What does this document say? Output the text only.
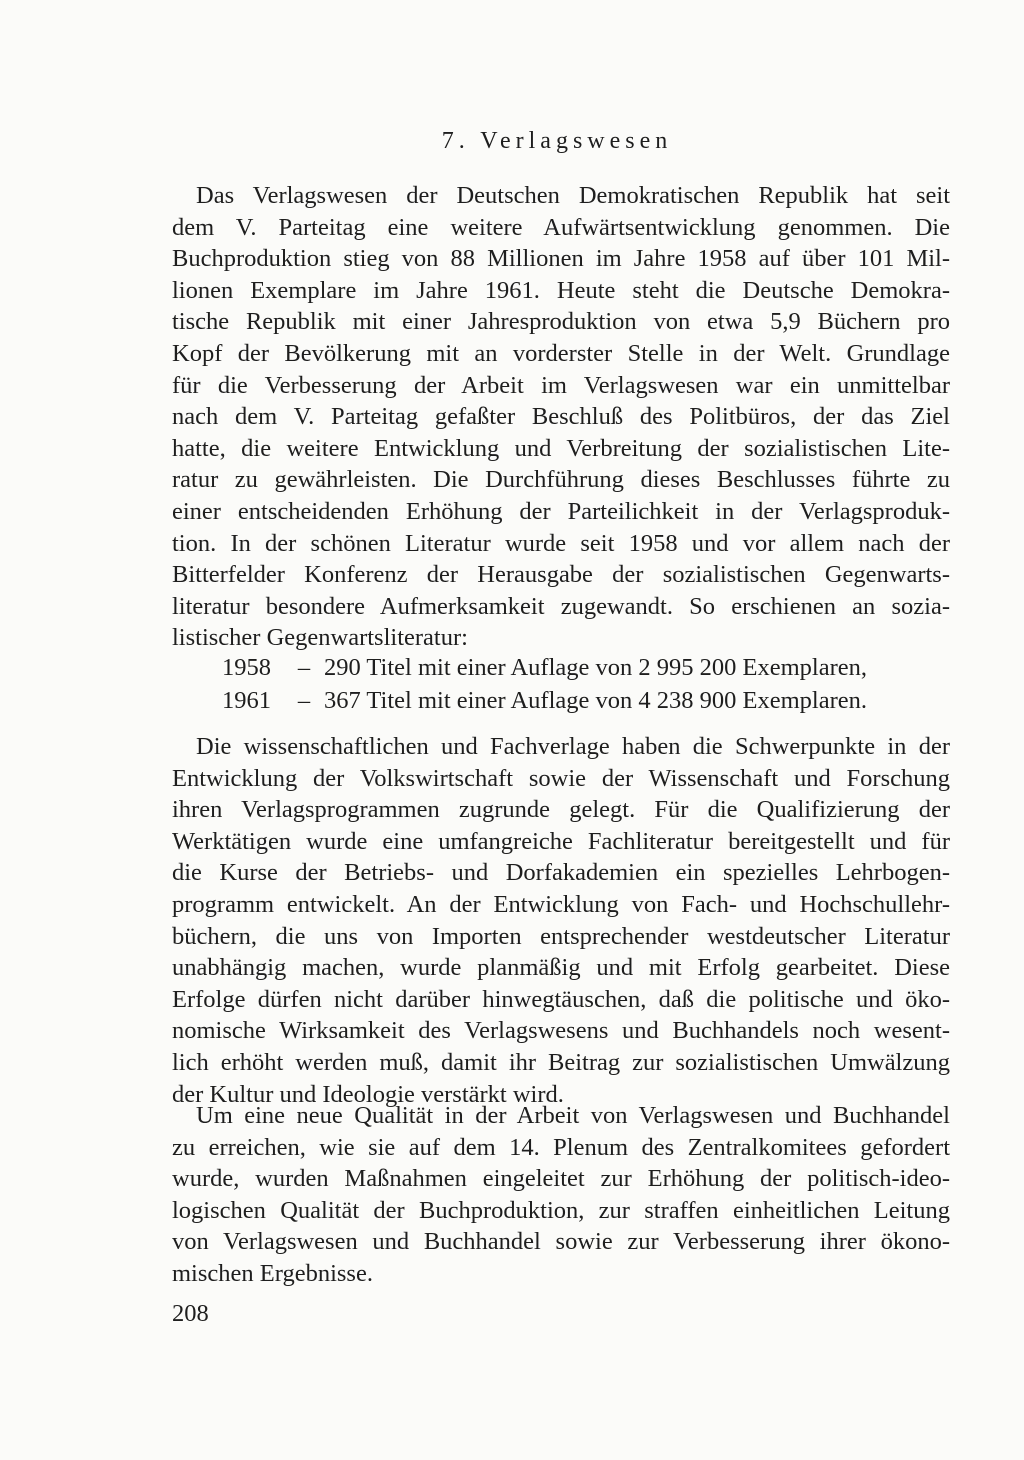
7. Verlagswesen
Das Verlagswesen der Deutschen Demokratischen Republik hat seit
dem V. Parteitag eine weitere Aufwärtsentwicklung genommen. Die
Buchproduktion stieg von 88 Millionen im Jahre 1958 auf über 101 Mil-
lionen Exemplare im Jahre 1961. Heute steht die Deutsche Demokra-
tische Republik mit einer Jahresproduktion von etwa 5,9 Büchern pro
Kopf der Bevölkerung mit an vorderster Stelle in der Welt. Grundlage
für die Verbesserung der Arbeit im Verlagswesen war ein unmittelbar
nach dem V. Parteitag gefaßter Beschluß des Politbüros, der das Ziel
hatte, die weitere Entwicklung und Verbreitung der sozialistischen Lite-
ratur zu gewährleisten. Die Durchführung dieses Beschlusses führte zu
einer entscheidenden Erhöhung der Parteilichkeit in der Verlagsproduk-
tion. In der schönen Literatur wurde seit 1958 und vor allem nach der
Bitterfelder Konferenz der Herausgabe der sozialistischen Gegenwarts-
literatur besondere Aufmerksamkeit zugewandt. So erschienen an sozia-
listischer Gegenwartsliteratur:
1958	– 290 Titel mit einer Auflage von 2 995 200 Exemplaren,
1961	– 367 Titel mit einer Auflage von 4 238 900 Exemplaren.
Die wissenschaftlichen und Fachverlage haben die Schwerpunkte in der
Entwicklung der Volkswirtschaft sowie der Wissenschaft und Forschung
ihren Verlagsprogrammen zugrunde gelegt. Für die Qualifizierung der
Werktätigen wurde eine umfangreiche Fachliteratur bereitgestellt und für
die Kurse der Betriebs- und Dorfakademien ein spezielles Lehrbogen-
programm entwickelt. An der Entwicklung von Fach- und Hochschullehr-
büchern, die uns von Importen entsprechender westdeutscher Literatur
unabhängig machen, wurde planmäßig und mit Erfolg gearbeitet. Diese
Erfolge dürfen nicht darüber hinwegtäuschen, daß die politische und öko-
nomische Wirksamkeit des Verlagswesens und Buchhandels noch wesent-
lich erhöht werden muß, damit ihr Beitrag zur sozialistischen Umwälzung
der Kultur und Ideologie verstärkt wird.
Um eine neue Qualität in der Arbeit von Verlagswesen und Buchhandel
zu erreichen, wie sie auf dem 14. Plenum des Zentralkomitees gefordert
wurde, wurden Maßnahmen eingeleitet zur Erhöhung der politisch-ideo-
logischen Qualität der Buchproduktion, zur straffen einheitlichen Leitung
von Verlagswesen und Buchhandel sowie zur Verbesserung ihrer ökono-
mischen Ergebnisse.
208
